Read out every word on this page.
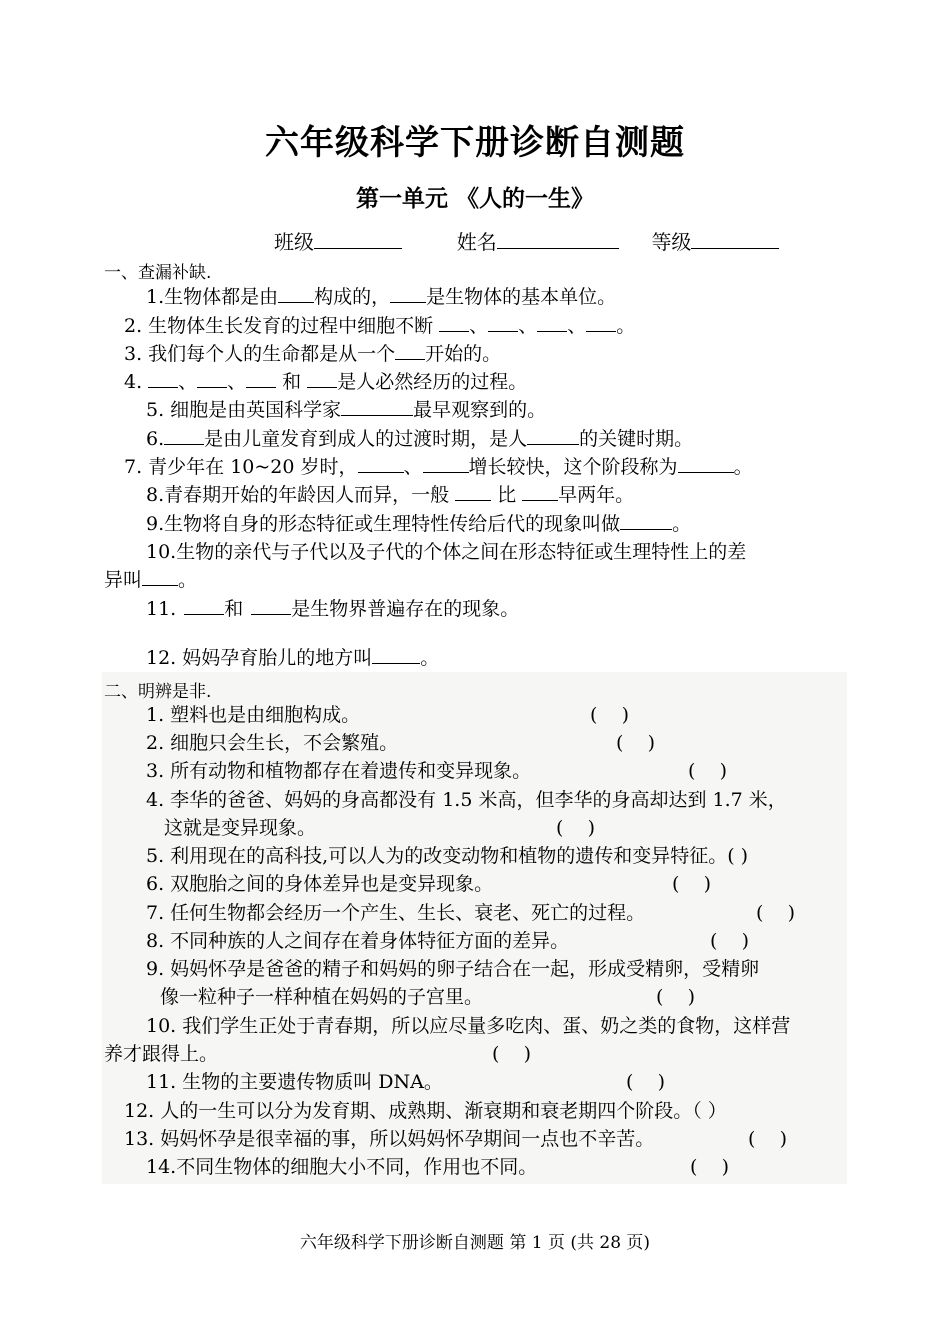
六年级科学下册诊断自测题
第一单元 《人的一生》
班级	姓名	等级
一、查漏补缺.
1.生物体都是由 构成的， 是生物体的基本单位。
2. 生物体生长发育的过程中细胞不断 、 、 、 。
3. 我们每个人的生命都是从一个 开始的。
4. 、 、 和 是人必然经历的过程。
5. 细胞是由英国科学家	最早观察到的。
6. 是由儿童发育到成人的过渡时期，是人	的关键时期。
7. 青少年在 10~20 岁时， 、 增长较快，这个阶段称为	。
8.青春期开始的年龄因人而异，一般	比 早两年。
9.生物将自身的形态特征或生理特性传给后代的现象叫做	。
10.生物的亲代与子代以及子代的个体之间在形态特征或生理特性上的差
异叫 。
11.	和	是生物界普遍存在的现象。
12. 妈妈孕育胎儿的地方叫	。
二、明辨是非.
1. 塑料也是由细胞构成。	(    )
2. 细胞只会生长，不会繁殖。	(    )
3. 所有动物和植物都存在着遗传和变异现象。	(    )
4. 李华的爸爸、妈妈的身高都没有 1.5 米高，但李华的身高却达到 1.7 米，
这就是变异现象。	(    )
5. 利用现在的高科技,可以人为的改变动物和植物的遗传和变异特征。( )
6. 双胞胎之间的身体差异也是变异现象。	(    )
7. 任何生物都会经历一个产生、生长、衰老、死亡的过程。	(    )
8. 不同种族的人之间存在着身体特征方面的差异。	(    )
9. 妈妈怀孕是爸爸的精子和妈妈的卵子结合在一起，形成受精卵，受精卵
像一粒种子一样种植在妈妈的子宫里。	(    )
10. 我们学生正处于青春期，所以应尽量多吃肉、蛋、奶之类的食物，这样营
养才跟得上。	(    )
11. 生物的主要遗传物质叫 DNA。	(    )
12. 人的一生可以分为发育期、成熟期、渐衰期和衰老期四个阶段。（ ）
13. 妈妈怀孕是很幸福的事，所以妈妈怀孕期间一点也不辛苦。	(    )
14.不同生物体的细胞大小不同，作用也不同。	(    )
六年级科学下册诊断自测题 第 1 页 (共 28 页)
